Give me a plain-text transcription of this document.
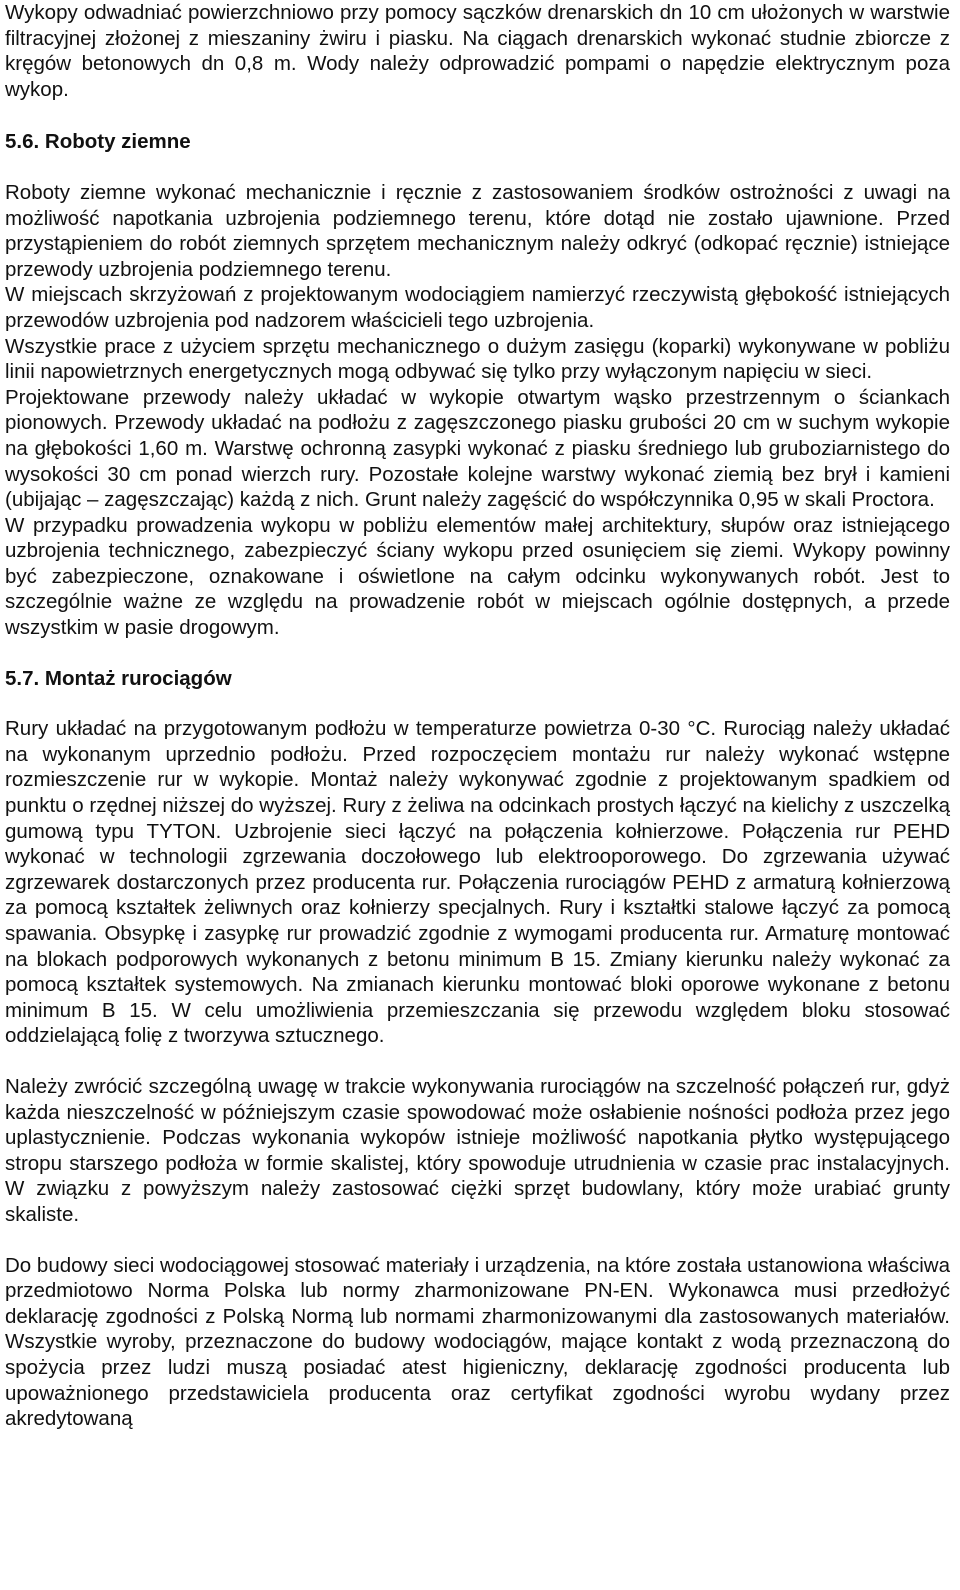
Wykopy odwadniać powierzchniowo przy pomocy sączków drenarskich dn 10 cm ułożonych w warstwie filtracyjnej złożonej z mieszaniny żwiru i piasku. Na ciągach drenarskich wykonać studnie zbiorcze z kręgów betonowych dn 0,8 m. Wody należy odprowadzić pompami o napędzie elektrycznym poza wykop.

5.6. Roboty ziemne

Roboty ziemne wykonać mechanicznie i ręcznie z zastosowaniem środków ostrożności z uwagi na możliwość napotkania uzbrojenia podziemnego terenu, które dotąd nie zostało ujawnione. Przed przystąpieniem do robót ziemnych sprzętem mechanicznym należy odkryć (odkopać ręcznie) istniejące przewody uzbrojenia podziemnego terenu.

W miejscach skrzyżowań z projektowanym wodociągiem namierzyć rzeczywistą głębokość istniejących przewodów uzbrojenia pod nadzorem właścicieli tego uzbrojenia.

Wszystkie prace z użyciem sprzętu mechanicznego o dużym zasięgu (koparki) wykonywane w pobliżu linii napowietrznych energetycznych mogą odbywać się tylko przy wyłączonym napięciu w sieci.

Projektowane przewody należy układać w wykopie otwartym wąsko przestrzennym o ściankach pionowych. Przewody układać na podłożu z zagęszczonego piasku grubości 20 cm w suchym wykopie na głębokości 1,60 m. Warstwę ochronną zasypki wykonać z piasku średniego lub gruboziarnistego do wysokości 30 cm ponad wierzch rury. Pozostałe kolejne warstwy wykonać ziemią bez brył i kamieni (ubijając – zagęszczając) każdą z nich. Grunt należy zagęścić do współczynnika 0,95 w skali Proctora.

W przypadku prowadzenia wykopu w pobliżu elementów małej architektury, słupów oraz istniejącego uzbrojenia technicznego, zabezpieczyć ściany wykopu przed osunięciem się ziemi. Wykopy powinny być zabezpieczone, oznakowane i oświetlone na całym odcinku wykonywanych robót. Jest to szczególnie ważne ze względu na prowadzenie robót w miejscach ogólnie dostępnych, a przede wszystkim w pasie drogowym.

5.7. Montaż rurociągów

Rury układać na przygotowanym podłożu w temperaturze powietrza 0-30 °C. Rurociąg należy układać na wykonanym uprzednio podłożu. Przed rozpoczęciem montażu rur należy wykonać wstępne rozmieszczenie rur w wykopie. Montaż należy wykonywać zgodnie z projektowanym spadkiem od punktu o rzędnej niższej do wyższej. Rury z żeliwa na odcinkach prostych łączyć na kielichy z uszczelką gumową typu TYTON. Uzbrojenie sieci łączyć na połączenia kołnierzowe. Połączenia rur PEHD wykonać w technologii zgrzewania doczołowego lub elektrooporowego. Do zgrzewania używać zgrzewarek dostarczonych przez producenta rur. Połączenia rurociągów PEHD z armaturą kołnierzową za pomocą kształtek żeliwnych oraz kołnierzy specjalnych. Rury i kształtki stalowe łączyć za pomocą spawania. Obsypkę i zasypkę rur prowadzić zgodnie z wymogami producenta rur. Armaturę montować na blokach podporowych wykonanych z betonu minimum B 15. Zmiany kierunku należy wykonać za pomocą kształtek systemowych. Na zmianach kierunku montować bloki oporowe wykonane z betonu minimum B 15. W celu umożliwienia przemieszczania się przewodu względem bloku stosować oddzielającą folię z tworzywa sztucznego.

Należy zwrócić szczególną uwagę w trakcie wykonywania rurociągów na szczelność połączeń rur, gdyż każda nieszczelność w późniejszym czasie spowodować może osłabienie nośności podłoża przez jego uplastycznienie. Podczas wykonania wykopów istnieje możliwość napotkania płytko występującego stropu starszego podłoża w formie skalistej, który spowoduje utrudnienia w czasie prac instalacyjnych. W związku z powyższym należy zastosować ciężki sprzęt budowlany, który może urabiać grunty skaliste.

Do budowy sieci wodociągowej stosować materiały i urządzenia, na które została ustanowiona właściwa przedmiotowo Norma Polska lub normy zharmonizowane PN-EN. Wykonawca musi przedłożyć deklarację zgodności z Polską Normą lub normami zharmonizowanymi dla zastosowanych materiałów. Wszystkie wyroby, przeznaczone do budowy wodociągów, mające kontakt z wodą przeznaczoną do spożycia przez ludzi muszą posiadać atest higieniczny, deklarację zgodności producenta lub upoważnionego przedstawiciela producenta oraz certyfikat zgodności wyrobu wydany przez akredytowaną
